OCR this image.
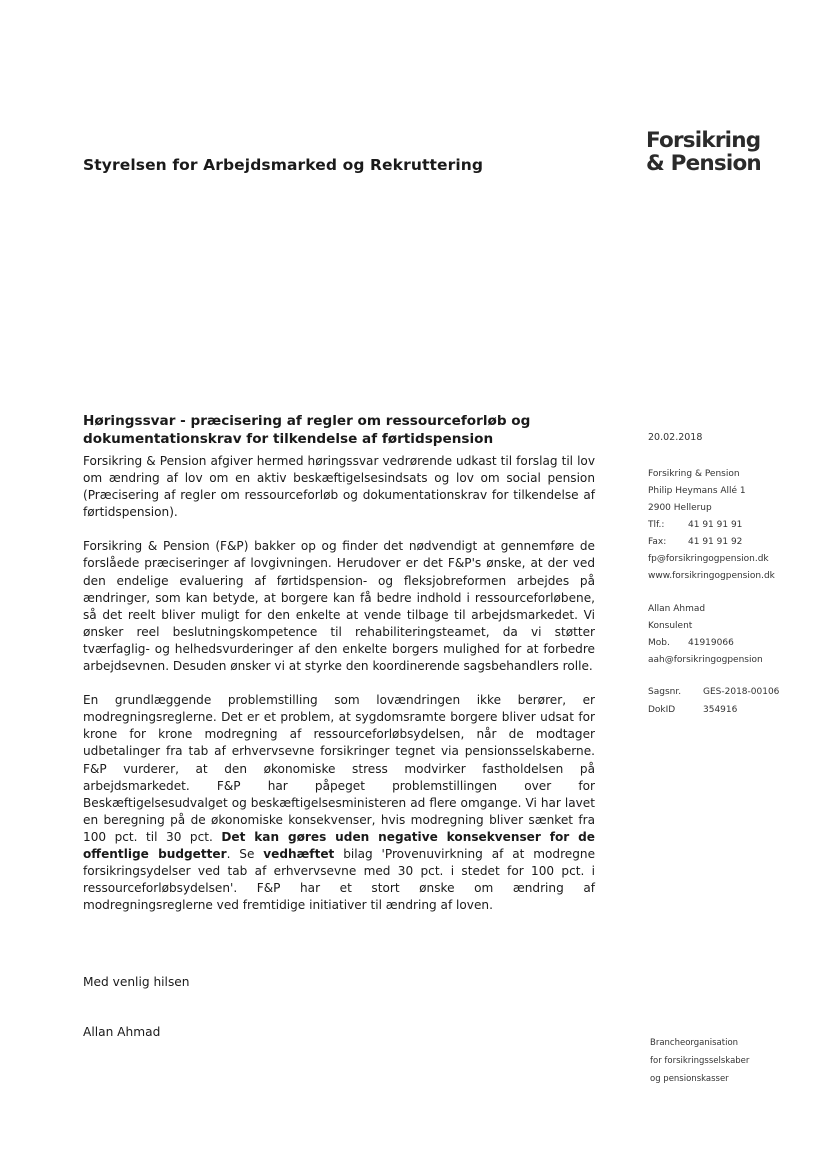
Styrelsen for Arbejdsmarked og Rekruttering
Forsikring
& Pension
20.02.2018
Høringssvar - præcisering af regler om ressourceforløb og dokumentationskrav for tilkendelse af førtidspension

Forsikring & Pension afgiver hermed høringssvar vedrørende udkast til forslag til lov om ændring af lov om en aktiv beskæftigelsesindsats og lov om social pension (Præcisering af regler om ressourceforløb og dokumentationskrav for tilkendelse af førtidspension).

Forsikring & Pension (F&P) bakker op og finder det nødvendigt at gennemføre de forslåede præciseringer af lovgivningen. Herudover er det F&P's ønske, at der ved den endelige evaluering af førtidspension- og fleksjobreformen arbejdes på ændringer, som kan betyde, at borgere kan få bedre indhold i ressourceforløbene, så det reelt bliver muligt for den enkelte at vende tilbage til arbejdsmarkedet. Vi ønsker reel beslutningskompetence til rehabiliteringsteamet, da vi støtter tværfaglig- og helhedsvurderinger af den enkelte borgers mulighed for at forbedre arbejdsevnen. Desuden ønsker vi at styrke den koordinerende sagsbehandlers rolle.

En grundlæggende problemstilling som lovændringen ikke berører, er modregningsreglerne. Det er et problem, at sygdomsramte borgere bliver udsat for krone for krone modregning af ressourceforløbsydelsen, når de modtager udbetalinger fra tab af erhvervsevne forsikringer tegnet via pensionsselskaberne. F&P vurderer, at den økonomiske stress modvirker fastholdelsen på arbejdsmarkedet. F&P har påpeget problemstillingen over for Beskæftigelsesudvalget og beskæftigelsesministeren ad flere omgange. Vi har lavet en beregning på de økonomiske konsekvenser, hvis modregning bliver sænket fra 100 pct. til 30 pct. Det kan gøres uden negative konsekvenser for de offentlige budgetter. Se vedhæftet bilag 'Provenuvirkning af at modregne forsikringsydelser ved tab af erhvervsevne med 30 pct. i stedet for 100 pct. i ressourceforløbsydelsen'. F&P har et stort ønske om ændring af modregningsreglerne ved fremtidige initiativer til ændring af loven.

Med venlig hilsen
Allan Ahmad
Forsikring & Pension
Philip Heymans Allé 1
2900 Hellerup
Tlf.:	41 91 91 91
Fax: 41 91 91 92
fp@forsikringogpension.dk
www.forsikringogpension.dk
Allan Ahmad
Konsulent
Mob. 41919066
aah@forsikringogpension
Sagsnr. GES-2018-00106
DokID	354916
Brancheorganisation
for forsikringsselskaber
og pensionskasser
